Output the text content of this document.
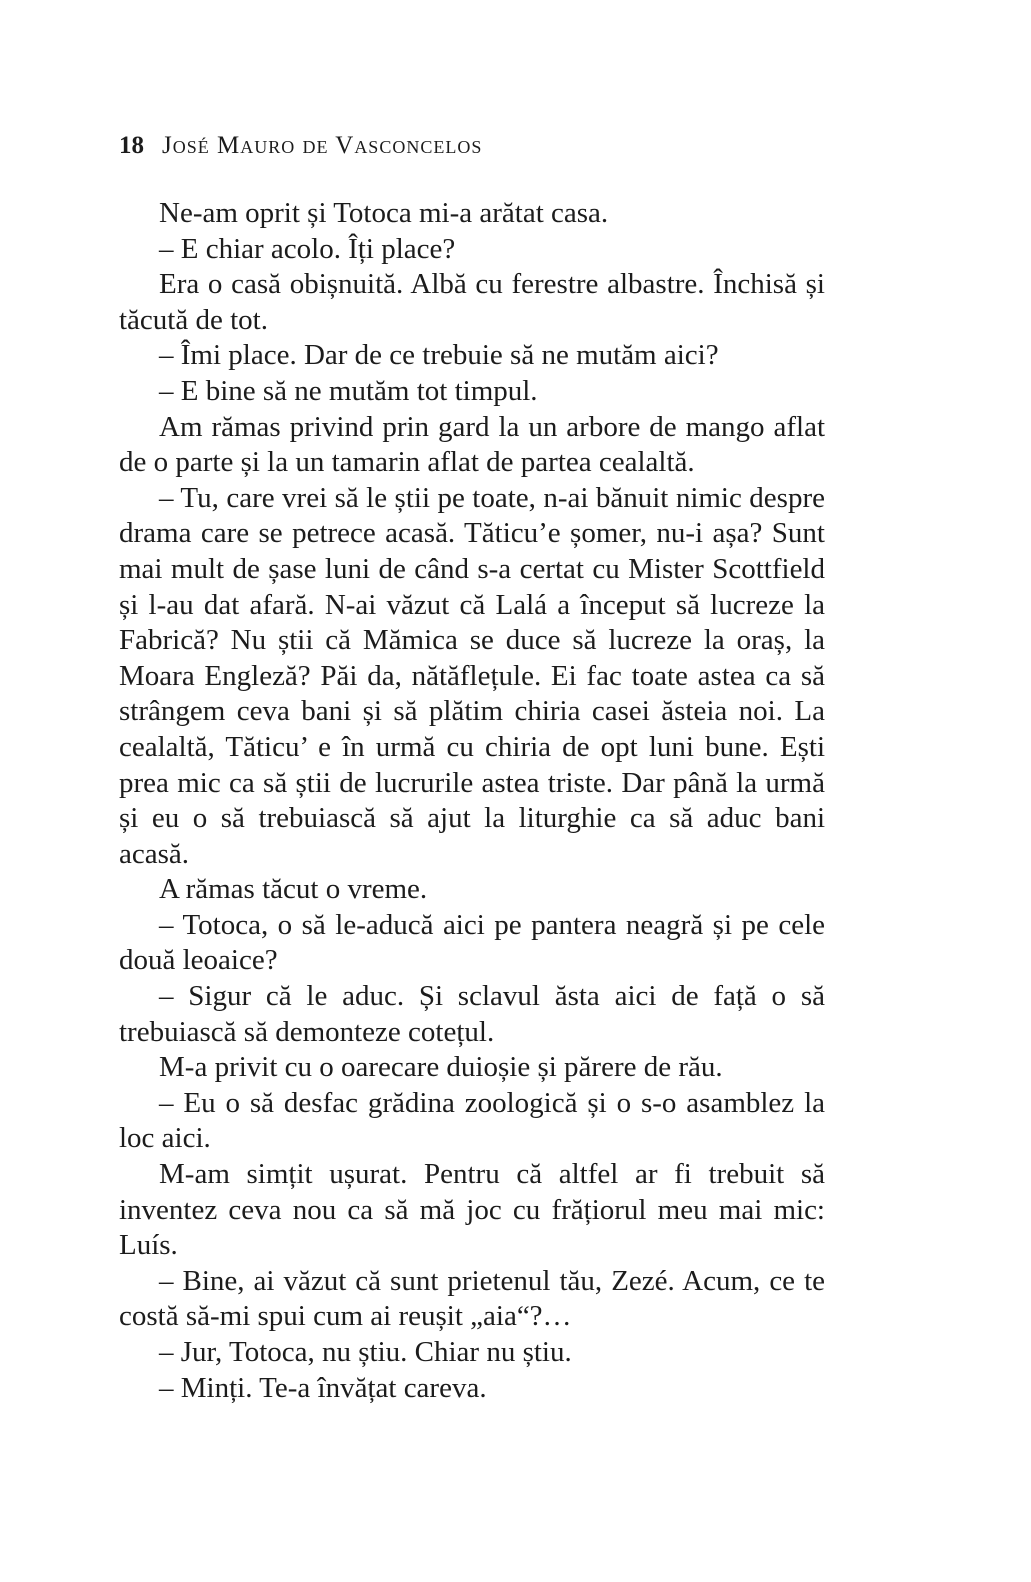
18 José Mauro de Vasconcelos

Ne-am oprit și Totoca mi-a arătat casa.

– E chiar acolo. Îți place?

Era o casă obișnuită. Albă cu ferestre albastre. Închisă și tăcută de tot.

– Îmi place. Dar de ce trebuie să ne mutăm aici?

– E bine să ne mutăm tot timpul.

Am rămas privind prin gard la un arbore de mango aflat de o parte și la un tamarin aflat de partea cealaltă.

– Tu, care vrei să le știi pe toate, n-ai bănuit nimic despre drama care se petrece acasă. Tăticu’e șomer, nu-i așa? Sunt mai mult de șase luni de când s-a certat cu Mister Scottfield și l-au dat afară. N-ai văzut că Lalá a început să lucreze la Fabrică? Nu știi că Mămica se duce să lucreze la oraș, la Moara Engleză? Păi da, nătăflețule. Ei fac toate astea ca să strângem ceva bani și să plătim chiria casei ăsteia noi. La cealaltă, Tăticu’ e în urmă cu chiria de opt luni bune. Ești prea mic ca să știi de lucrurile astea triste. Dar până la urmă și eu o să trebuiască să ajut la liturghie ca să aduc bani acasă.

A rămas tăcut o vreme.

– Totoca, o să le-aducă aici pe pantera neagră și pe cele două leoaice?

– Sigur că le aduc. Și sclavul ăsta aici de față o să trebuiască să demonteze cotețul.

M-a privit cu o oarecare duioșie și părere de rău.

– Eu o să desfac grădina zoologică și o s-o asamblez la loc aici.

M-am simțit ușurat. Pentru că altfel ar fi trebuit să inventez ceva nou ca să mă joc cu frățiorul meu mai mic: Luís.

– Bine, ai văzut că sunt prietenul tău, Zezé. Acum, ce te costă să-mi spui cum ai reușit „aia“?…

– Jur, Totoca, nu știu. Chiar nu știu.

– Minți. Te-a învățat careva.
